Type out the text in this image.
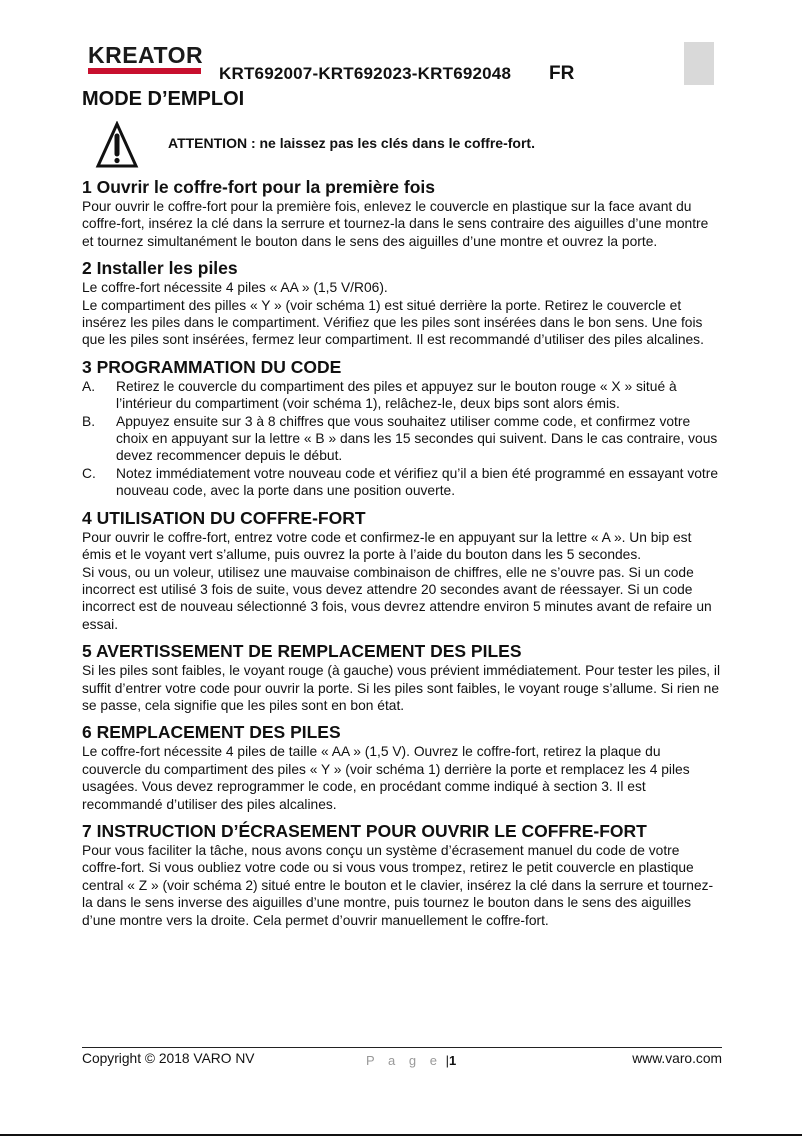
KREATOR
KRT692007-KRT692023-KRT692048 FR
MODE D’EMPLOI
ATTENTION : ne laissez pas les clés dans le coffre-fort.
1 Ouvrir le coffre-fort pour la première fois

Pour ouvrir le coffre-fort pour la première fois, enlevez le couvercle en plastique sur la face avant du coffre-fort, insérez la clé dans la serrure et tournez-la dans le sens contraire des aiguilles d’une montre et tournez simultanément le bouton dans le sens des aiguilles d’une montre et ouvrez la porte.

2 Installer les piles

Le coffre-fort nécessite 4 piles « AA » (1,5 V/R06).

Le compartiment des pilles « Y » (voir schéma 1) est situé derrière la porte. Retirez le couvercle et insérez les piles dans le compartiment. Vérifiez que les piles sont insérées dans le bon sens. Une fois que les piles sont insérées, fermez leur compartiment. Il est recommandé d’utiliser des piles alcalines.

3 PROGRAMMATION DU CODE
A.	Retirez le couvercle du compartiment des piles et appuyez sur le bouton rouge « X » situé à l’intérieur du compartiment (voir schéma 1), relâchez-le, deux bips sont alors émis.
B.	Appuyez ensuite sur 3 à 8 chiffres que vous souhaitez utiliser comme code, et confirmez votre choix en appuyant sur la lettre « B » dans les 15 secondes qui suivent. Dans le cas contraire, vous devez recommencer depuis le début.
C.	Notez immédiatement votre nouveau code et vérifiez qu’il a bien été programmé en essayant votre nouveau code, avec la porte dans une position ouverte.
4 UTILISATION DU COFFRE-FORT

Pour ouvrir le coffre-fort, entrez votre code et confirmez-le en appuyant sur la lettre « A ». Un bip est émis et le voyant vert s’allume, puis ouvrez la porte à l’aide du bouton dans les 5 secondes.

Si vous, ou un voleur, utilisez une mauvaise combinaison de chiffres, elle ne s’ouvre pas. Si un code incorrect est utilisé 3 fois de suite, vous devez attendre 20 secondes avant de réessayer. Si un code incorrect est de nouveau sélectionné 3 fois, vous devrez attendre environ 5 minutes avant de refaire un essai.

5 AVERTISSEMENT DE REMPLACEMENT DES PILES

Si les piles sont faibles, le voyant rouge (à gauche) vous prévient immédiatement. Pour tester les piles, il suffit d’entrer votre code pour ouvrir la porte. Si les piles sont faibles, le voyant rouge s’allume. Si rien ne se passe, cela signifie que les piles sont en bon état.

6 REMPLACEMENT DES PILES

Le coffre-fort nécessite 4 piles de taille « AA » (1,5 V). Ouvrez le coffre-fort, retirez la plaque du couvercle du compartiment des piles « Y » (voir schéma 1) derrière la porte et remplacez les 4 piles usagées. Vous devez reprogrammer le code, en procédant comme indiqué à section 3. Il est recommandé d’utiliser des piles alcalines.

7 INSTRUCTION D’ÉCRASEMENT POUR OUVRIR LE COFFRE-FORT

Pour vous faciliter la tâche, nous avons conçu un système d’écrasement manuel du code de votre coffre-fort. Si vous oubliez votre code ou si vous vous trompez, retirez le petit couvercle en plastique central « Z » (voir schéma 2) situé entre le bouton et le clavier, insérez la clé dans la serrure et tournez-la dans le sens inverse des aiguilles d’une montre, puis tournez le bouton dans le sens des aiguilles d’une montre vers la droite. Cela permet d’ouvrir manuellement le coffre-fort.

Copyright © 2018 VARO NV	P a g e |1	www.varo.com
